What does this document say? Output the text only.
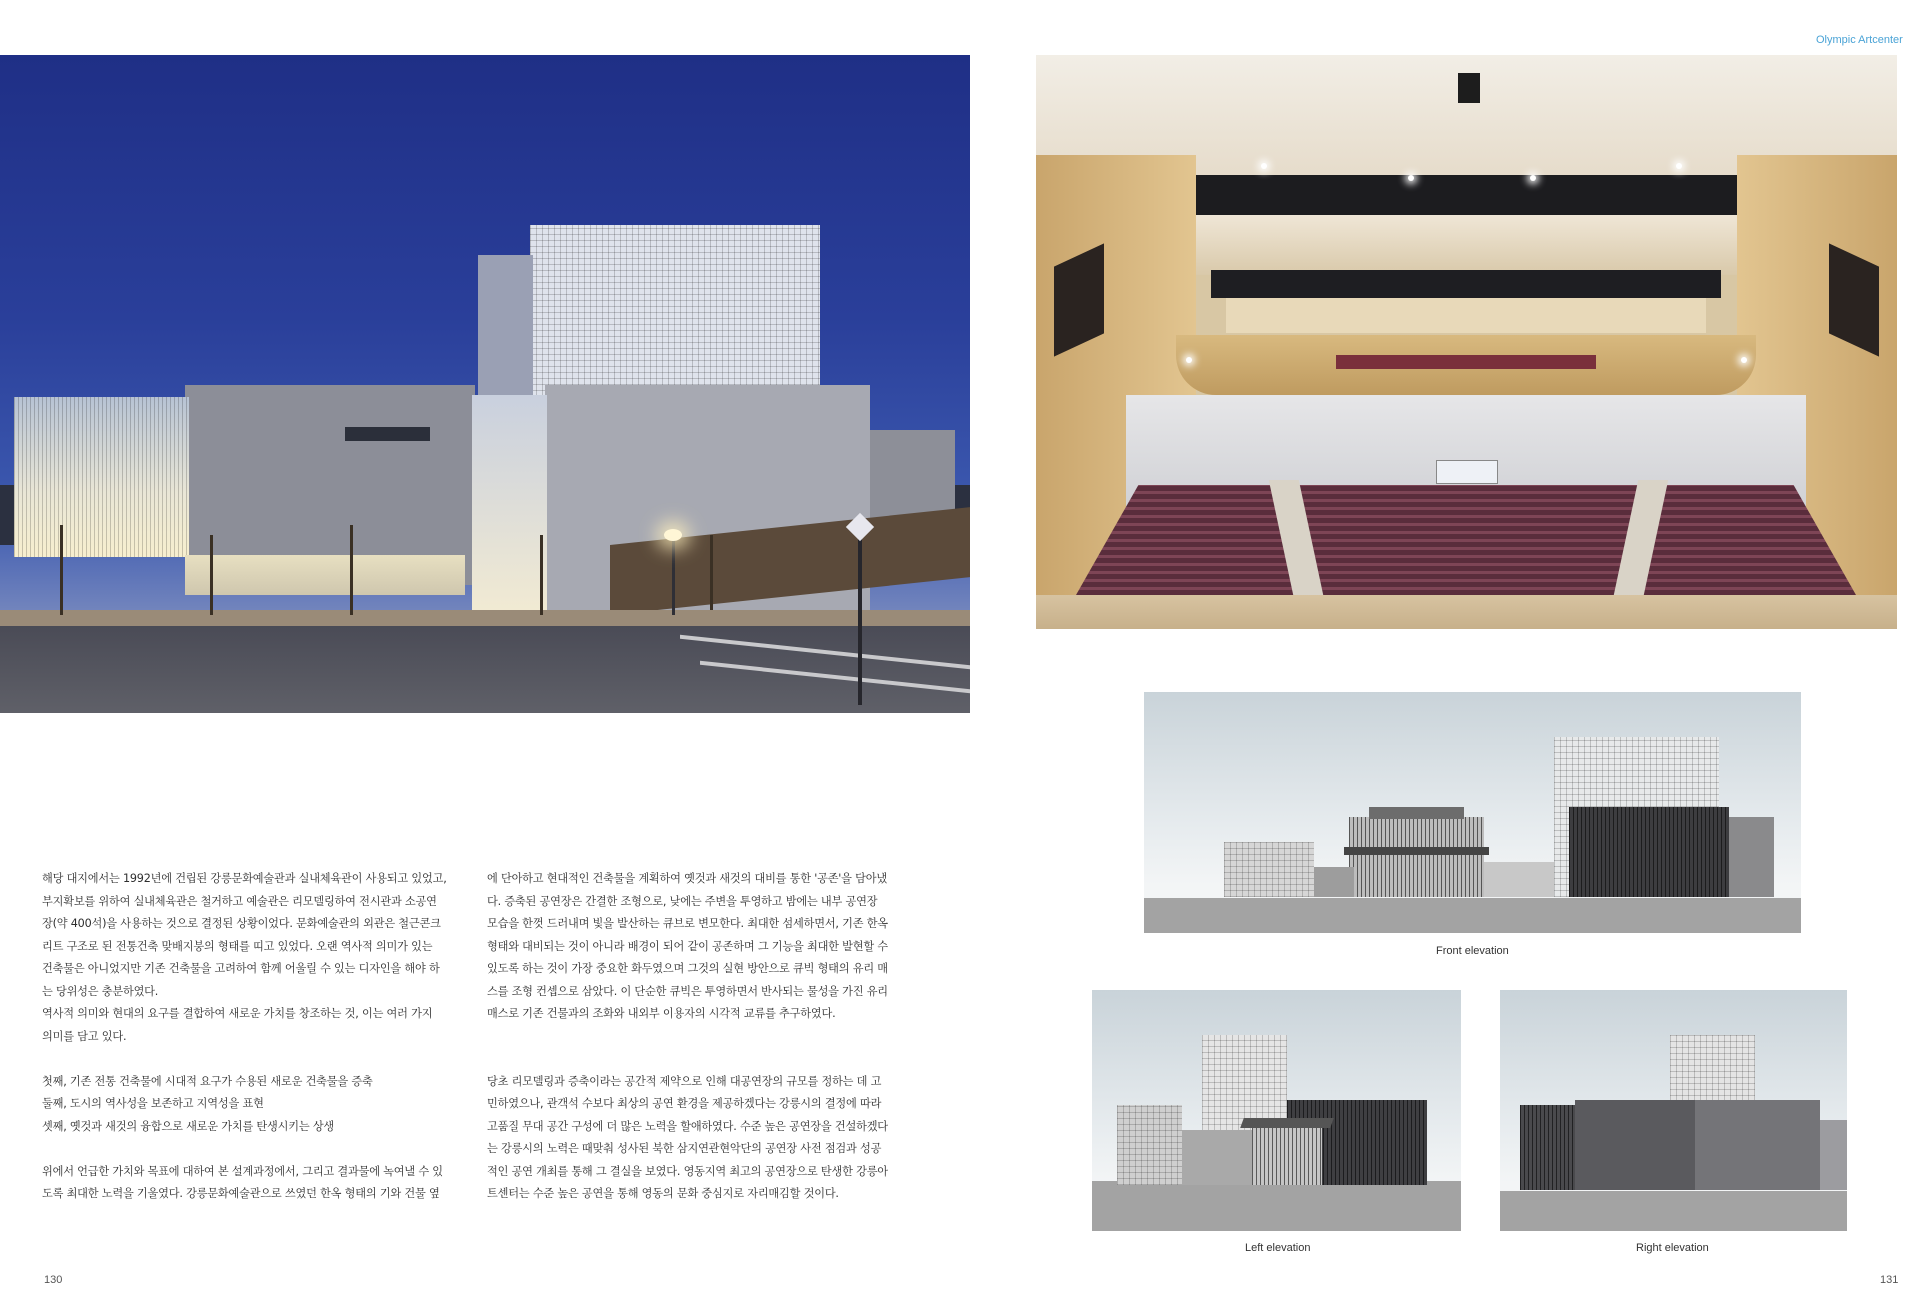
Olympic Artcenter

해당 대지에서는 1992년에 건립된 강릉문화예술관과 실내체육관이 사용되고 있었고,

부지확보를 위하여 실내체육관은 철거하고 예술관은 리모델링하여 전시관과 소공연

장(약 400석)을 사용하는 것으로 결정된 상황이었다. 문화예술관의 외관은 철근콘크

리트 구조로 된 전통건축 맞배지붕의 형태를 띠고 있었다. 오랜 역사적 의미가 있는

건축물은 아니었지만 기존 건축물을 고려하여 함께 어울릴 수 있는 디자인을 해야 하

는 당위성은 충분하였다.

역사적 의미와 현대의 요구를 결합하여 새로운 가치를 창조하는 것, 이는 여러 가지

의미를 담고 있다.

첫째, 기존 전통 건축물에 시대적 요구가 수용된 새로운 건축물을 증축

둘째, 도시의 역사성을 보존하고 지역성을 표현

셋째, 옛것과 새것의 융합으로 새로운 가치를 탄생시키는 상생

위에서 언급한 가치와 목표에 대하여 본 설계과정에서, 그리고 결과물에 녹여낼 수 있

도록 최대한 노력을 기울였다. 강릉문화예술관으로 쓰였던 한옥 형태의 기와 건물 옆

에 단아하고 현대적인 건축물을 계획하여 옛것과 새것의 대비를 통한 '공존'을 담아냈

다. 증축된 공연장은 간결한 조형으로, 낮에는 주변을 투영하고 밤에는 내부 공연장

모습을 한껏 드러내며 빛을 발산하는 큐브로 변모한다. 최대한 섬세하면서, 기존 한옥

형태와 대비되는 것이 아니라 배경이 되어 같이 공존하며 그 기능을 최대한 발현할 수

있도록 하는 것이 가장 중요한 화두였으며 그것의 실현 방안으로 큐빅 형태의 유리 매

스를 조형 컨셉으로 삼았다. 이 단순한 큐빅은 투영하면서 반사되는 물성을 가진 유리

매스로 기존 건물과의 조화와 내외부 이용자의 시각적 교류를 추구하였다.

당초 리모델링과 증축이라는 공간적 제약으로 인해 대공연장의 규모를 정하는 데 고

민하였으나, 관객석 수보다 최상의 공연 환경을 제공하겠다는 강릉시의 결정에 따라

고품질 무대 공간 구성에 더 많은 노력을 할애하였다. 수준 높은 공연장을 건설하겠다

는 강릉시의 노력은 때맞춰 성사된 북한 삼지연관현악단의 공연장 사전 점검과 성공

적인 공연 개최를 통해 그 결실을 보였다. 영동지역 최고의 공연장으로 탄생한 강릉아

트센터는 수준 높은 공연을 통해 영동의 문화 중심지로 자리매김할 것이다.

Front elevation
Left elevation	Right elevation
130	131
